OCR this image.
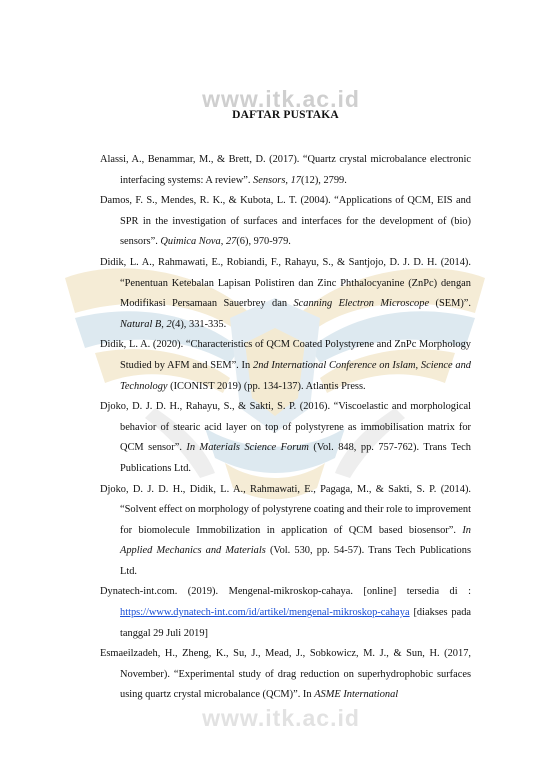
www.itk.ac.id
www.itk.ac.id
DAFTAR PUSTAKA

Alassi, A., Benammar, M., & Brett, D. (2017). “Quartz crystal microbalance electronic interfacing systems: A review”. Sensors, 17(12), 2799.

Damos, F. S., Mendes, R. K., & Kubota, L. T. (2004). “Applications of QCM, EIS and SPR in the investigation of surfaces and interfaces for the development of (bio) sensors”. Quimica Nova, 27(6), 970-979.

Didik, L. A., Rahmawati, E., Robiandi, F., Rahayu, S., & Santjojo, D. J. D. H. (2014). “Penentuan Ketebalan Lapisan Polistiren dan Zinc Phthalocyanine (ZnPc) dengan Modifikasi Persamaan Sauerbrey dan Scanning Electron Microscope (SEM)”. Natural B, 2(4), 331-335.

Didik, L. A. (2020). “Characteristics of QCM Coated Polystyrene and ZnPc Morphology Studied by AFM and SEM”. In 2nd International Conference on Islam, Science and Technology (ICONIST 2019) (pp. 134-137). Atlantis Press.

Djoko, D. J. D. H., Rahayu, S., & Sakti, S. P. (2016). “Viscoelastic and morphological behavior of stearic acid layer on top of polystyrene as immobilisation matrix for QCM sensor”. In Materials Science Forum (Vol. 848, pp. 757-762). Trans Tech Publications Ltd.

Djoko, D. J. D. H., Didik, L. A., Rahmawati, E., Pagaga, M., & Sakti, S. P. (2014). “Solvent effect on morphology of polystyrene coating and their role to improvement for biomolecule Immobilization in application of QCM based biosensor”. In Applied Mechanics and Materials (Vol. 530, pp. 54-57). Trans Tech Publications Ltd.

Dynatech-int.com. (2019). Mengenal-mikroskop-cahaya. [online] tersedia di : https://www.dynatech-int.com/id/artikel/mengenal-mikroskop-cahaya [diakses pada tanggal 29 Juli 2019]

Esmaeilzadeh, H., Zheng, K., Su, J., Mead, J., Sobkowicz, M. J., & Sun, H. (2017, November). “Experimental study of drag reduction on superhydrophobic surfaces using quartz crystal microbalance (QCM)”. In ASME International
